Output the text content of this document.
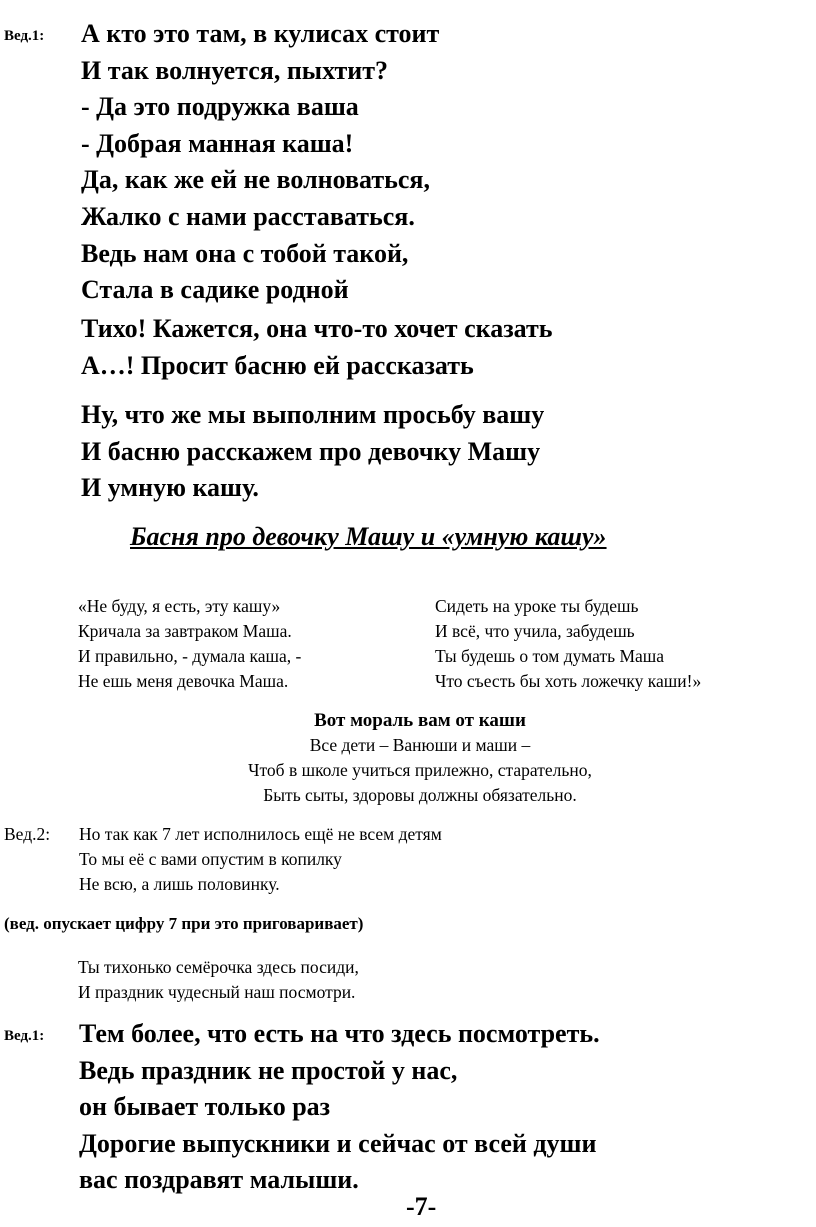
Вед.1: А кто это там, в кулисах стоит
И так волнуется, пыхтит?
- Да это подружка ваша
- Добрая манная каша!
Да, как же ей не волноваться,
Жалко с нами расставаться.
Ведь нам она с тобой такой,
Стала в садике родной
Тихо! Кажется, она что-то хочет сказать
А…! Просит басню ей рассказать
Ну, что же мы выполним просьбу вашу
И басню расскажем про девочку Машу
И умную кашу.
Басня про девочку Машу и «умную кашу»
«Не буду, я есть, эту кашу»
Кричала за завтраком Маша.
И правильно, - думала каша, -
Не ешь меня девочка Маша.
Сидеть на уроке ты будешь
И всё, что учила, забудешь
Ты будешь о том думать Маша
Что съесть бы хоть ложечку каши!»
Вот мораль вам от каши
Все дети – Ванюши и маши –
Чтоб в школе учиться прилежно, старательно,
Быть сыты, здоровы должны обязательно.
Вед.2: Но так как 7 лет исполнилось ещё не всем детям
То мы её с вами опустим в копилку
Не всю, а лишь половинку.
(вед. опускает цифру 7 при это приговаривает)
Ты тихонько семёрочка здесь посиди,
И праздник чудесный наш посмотри.
Вед.1: Тем более, что есть на что здесь посмотреть.
Ведь праздник не простой у нас,
он бывает только раз
Дорогие выпускники и сейчас от всей души
вас поздравят малыши.
-7-
